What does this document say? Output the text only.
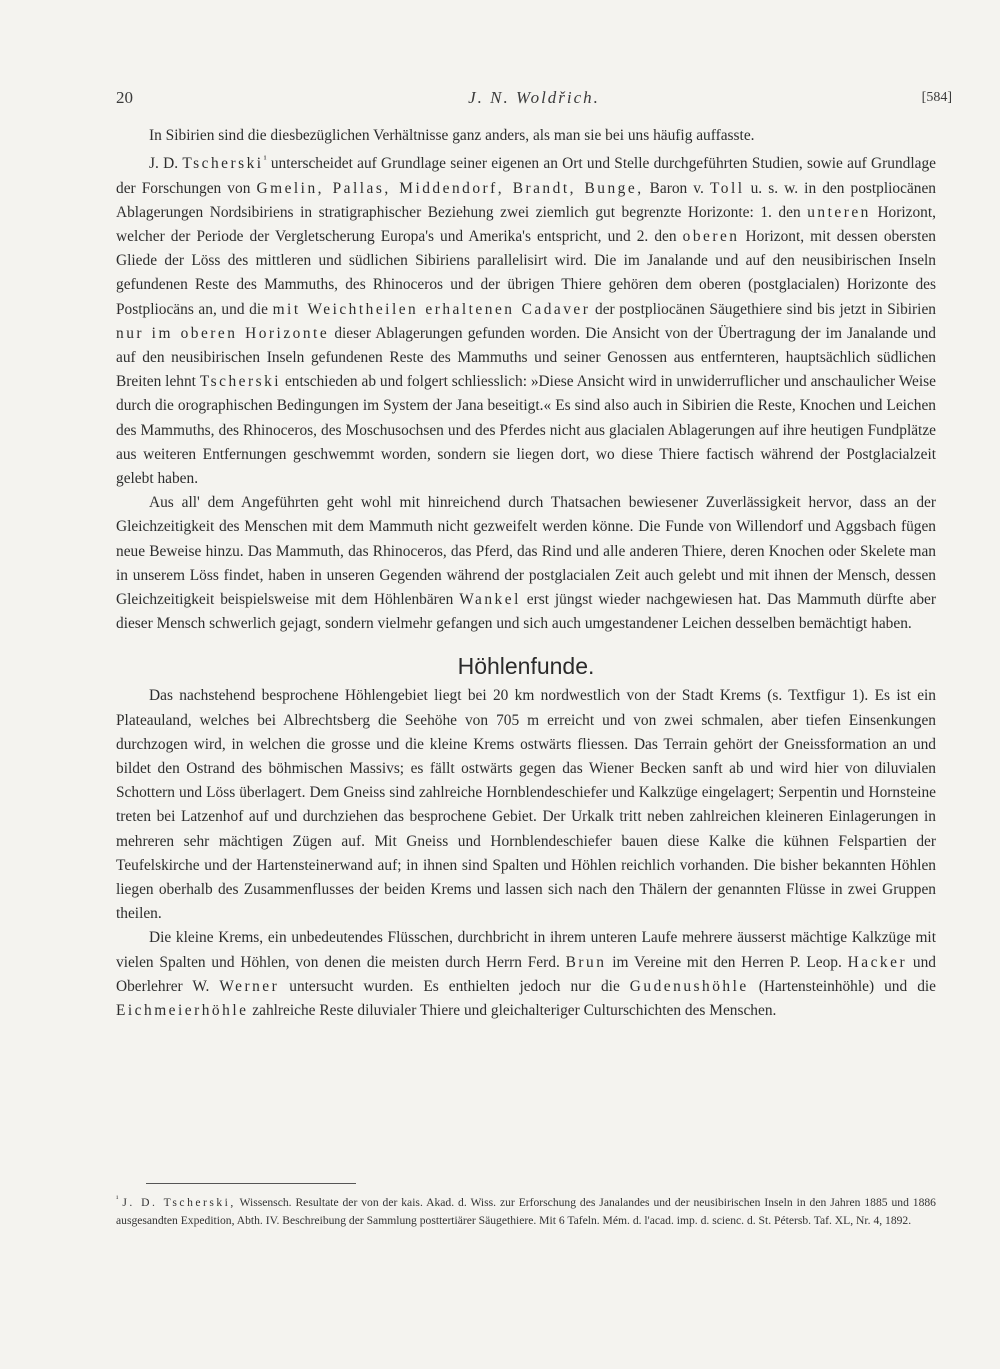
20	J. N. Woldřich.	[584]

In Sibirien sind die diesbezüglichen Verhältnisse ganz anders, als man sie bei uns häufig auffasste.

J. D. Tscherski$^{^1}$ unterscheidet auf Grundlage seiner eigenen an Ort und Stelle durchgeführten Studien, sowie auf Grundlage der Forschungen von Gmelin, Pallas, Middendorf, Brandt, Bunge, Baron v. Toll u. s. w. in den postpliocänen Ablagerungen Nordsibiriens in stratigraphischer Beziehung zwei ziemlich gut begrenzte Horizonte: 1. den unteren Horizont, welcher der Periode der Vergletscherung Europa's und Amerika's entspricht, und 2. den oberen Horizont, mit dessen obersten Gliede der Löss des mittleren und südlichen Sibiriens parallelisirt wird. Die im Janalande und auf den neusibirischen Inseln gefundenen Reste des Mammuths, des Rhinoceros und der übrigen Thiere gehören dem oberen (postglacialen) Horizonte des Postpliocäns an, und die mit Weichtheilen erhaltenen Cadaver der postpliocänen Säugethiere sind bis jetzt in Sibirien nur im oberen Horizonte dieser Ablagerungen gefunden worden. Die Ansicht von der Übertragung der im Janalande und auf den neusibirischen Inseln gefundenen Reste des Mammuths und seiner Genossen aus entfernteren, hauptsächlich südlichen Breiten lehnt Tscherski entschieden ab und folgert schliesslich: »Diese Ansicht wird in unwiderruflicher und anschaulicher Weise durch die orographischen Bedingungen im System der Jana beseitigt.« Es sind also auch in Sibirien die Reste, Knochen und Leichen des Mammuths, des Rhinoceros, des Moschusochsen und des Pferdes nicht aus glacialen Ablagerungen auf ihre heutigen Fundplätze aus weiteren Entfernungen geschwemmt worden, sondern sie liegen dort, wo diese Thiere factisch während der Postglacialzeit gelebt haben.

Aus all' dem Angeführten geht wohl mit hinreichend durch Thatsachen bewiesener Zuverlässigkeit hervor, dass an der Gleichzeitigkeit des Menschen mit dem Mammuth nicht gezweifelt werden könne. Die Funde von Willendorf und Aggsbach fügen neue Beweise hinzu. Das Mammuth, das Rhinoceros, das Pferd, das Rind und alle anderen Thiere, deren Knochen oder Skelete man in unserem Löss findet, haben in unseren Gegenden während der postglacialen Zeit auch gelebt und mit ihnen der Mensch, dessen Gleichzeitigkeit beispielsweise mit dem Höhlenbären Wankel erst jüngst wieder nachgewiesen hat. Das Mammuth dürfte aber dieser Mensch schwerlich gejagt, sondern vielmehr gefangen und sich auch umgestandener Leichen desselben bemächtigt haben.

Höhlenfunde.

Das nachstehend besprochene Höhlengebiet liegt bei 20 km nordwestlich von der Stadt Krems (s. Textfigur 1). Es ist ein Plateauland, welches bei Albrechtsberg die Seehöhe von 705 m erreicht und von zwei schmalen, aber tiefen Einsenkungen durchzogen wird, in welchen die grosse und die kleine Krems ostwärts fliessen. Das Terrain gehört der Gneissformation an und bildet den Ostrand des böhmischen Massivs; es fällt ostwärts gegen das Wiener Becken sanft ab und wird hier von diluvialen Schottern und Löss überlagert. Dem Gneiss sind zahlreiche Hornblendeschiefer und Kalkzüge eingelagert; Serpentin und Hornsteine treten bei Latzenhof auf und durchziehen das besprochene Gebiet. Der Urkalk tritt neben zahlreichen kleineren Einlagerungen in mehreren sehr mächtigen Zügen auf. Mit Gneiss und Hornblendeschiefer bauen diese Kalke die kühnen Felspartien der Teufelskirche und der Hartensteinerwand auf; in ihnen sind Spalten und Höhlen reichlich vorhanden. Die bisher bekannten Höhlen liegen oberhalb des Zusammenflusses der beiden Krems und lassen sich nach den Thälern der genannten Flüsse in zwei Gruppen theilen.

Die kleine Krems, ein unbedeutendes Flüsschen, durchbricht in ihrem unteren Laufe mehrere äusserst mächtige Kalkzüge mit vielen Spalten und Höhlen, von denen die meisten durch Herrn Ferd. Brun im Vereine mit den Herren P. Leop. Hacker und Oberlehrer W. Werner untersucht wurden. Es enthielten jedoch nur die Gudenushöhle (Hartensteinhöhle) und die Eichmeierhöhle zahlreiche Reste diluvialer Thiere und gleichalteriger Culturschichten des Menschen.

$^{^1}$ J. D. Tscherski, Wissensch. Resultate der von der kais. Akad. d. Wiss. zur Erforschung des Janalandes und der neusibirischen Inseln in den Jahren 1885 und 1886 ausgesandten Expedition, Abth. IV. Beschreibung der Sammlung posttertiärer Säugethiere. Mit 6 Tafeln. Mém. d. l'acad. imp. d. scienc. d. St. Pétersb. Taf. XL, Nr. 4, 1892.
